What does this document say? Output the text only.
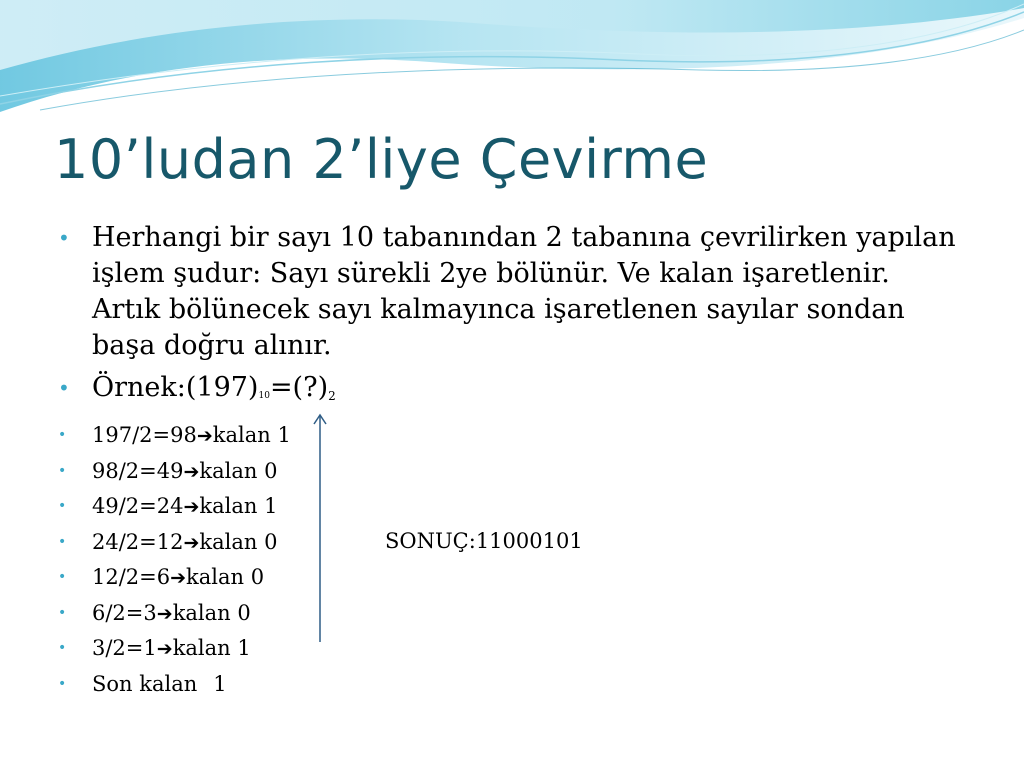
10’ludan 2’liye Çevirme
• Herhangi bir sayı 10 tabanından 2 tabanına çevrilirken yapılan işlem şudur: Sayı sürekli 2ye bölünür. Ve kalan işaretlenir. Artık bölünecek sayı kalmayınca işaretlenen sayılar sondan başa doğru alınır.
• $Örnek:(197)_{10}=(?)2$
• 197/2=98➔kalan 1
• 98/2=49➔kalan 0
• 49/2=24➔kalan 1
• 24/2=12➔kalan 0
• 12/2=6➔kalan 0
• 6/2=3➔kalan 0
• 3/2=1➔kalan 1
• Son kalan 1
SONUÇ:11000101
